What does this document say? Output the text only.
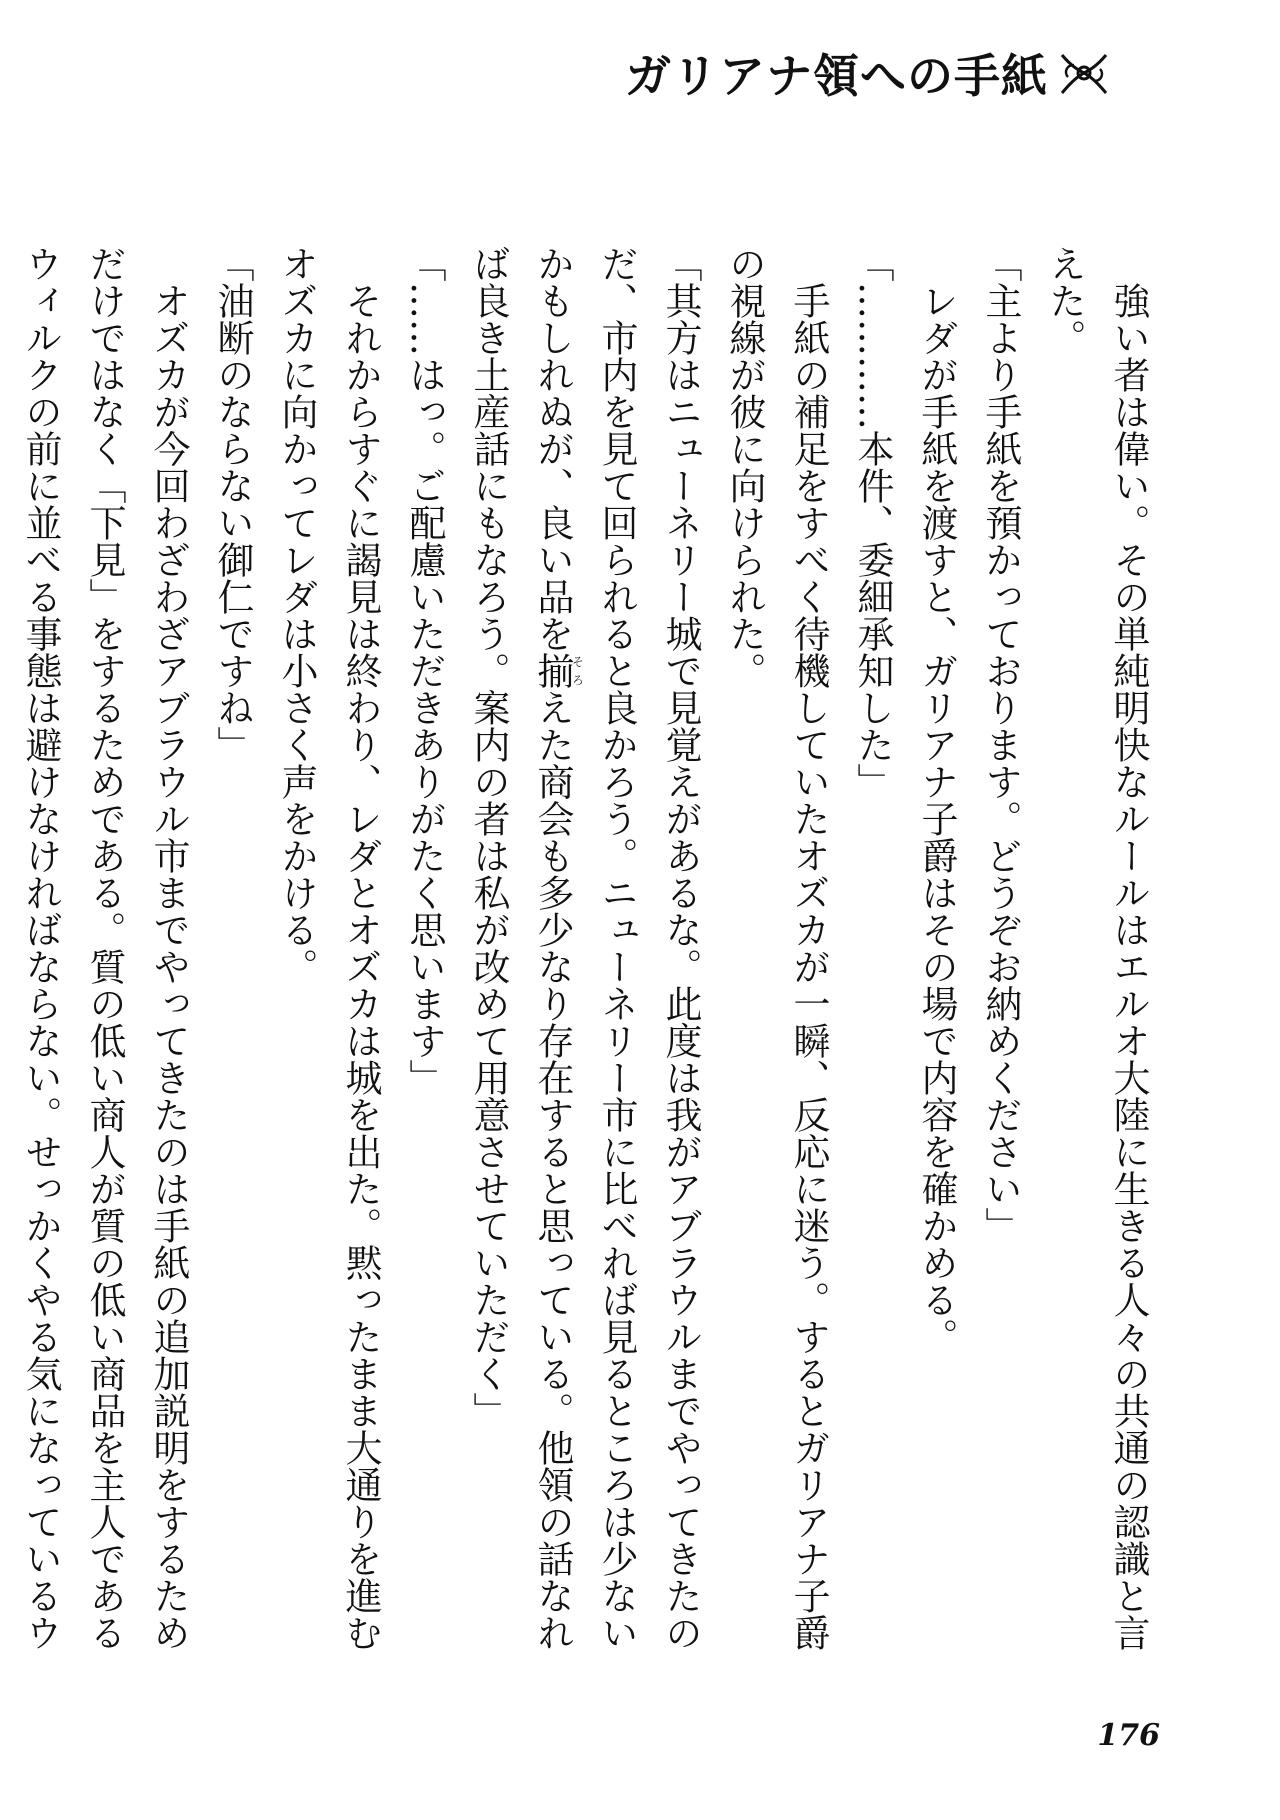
ガリアナ領への手紙

強い者は偉い。その単純明快なルールはエルオ大陸に生きる人々の共通の認識と言えた。

「主より手紙を預かっております。どうぞお納めください」

レダが手紙を渡すと、ガリアナ子爵はその場で内容を確かめる。

「…………本件、委細承知した」

手紙の補足をすべく待機していたオズカが一瞬、反応に迷う。するとガリアナ子爵の視線が彼に向けられた。

「其方はニューネリー城で見覚えがあるな。此度は我がアブラウルまでやってきたのだ、市内を見て回られると良かろう。ニューネリー市に比べれば見るところは少ないかもしれぬが、良い品を揃そろえた商会も多少なり存在すると思っている。他領の話なれば良き土産話にもなろう。案内の者は私が改めて用意させていただく」

「……はっ。ご配慮いただきありがたく思います」

それからすぐに謁見は終わり、レダとオズカは城を出た。黙ったまま大通りを進むオズカに向かってレダは小さく声をかける。

「油断のならない御仁ですね」

オズカが今回わざわざアブラウル市までやってきたのは手紙の追加説明をするためだけではなく「下見」をするためである。質の低い商人が質の低い商品を主人であるウィルクの前に並べる事態は避けなければならない。せっかくやる気になっているウ

176
